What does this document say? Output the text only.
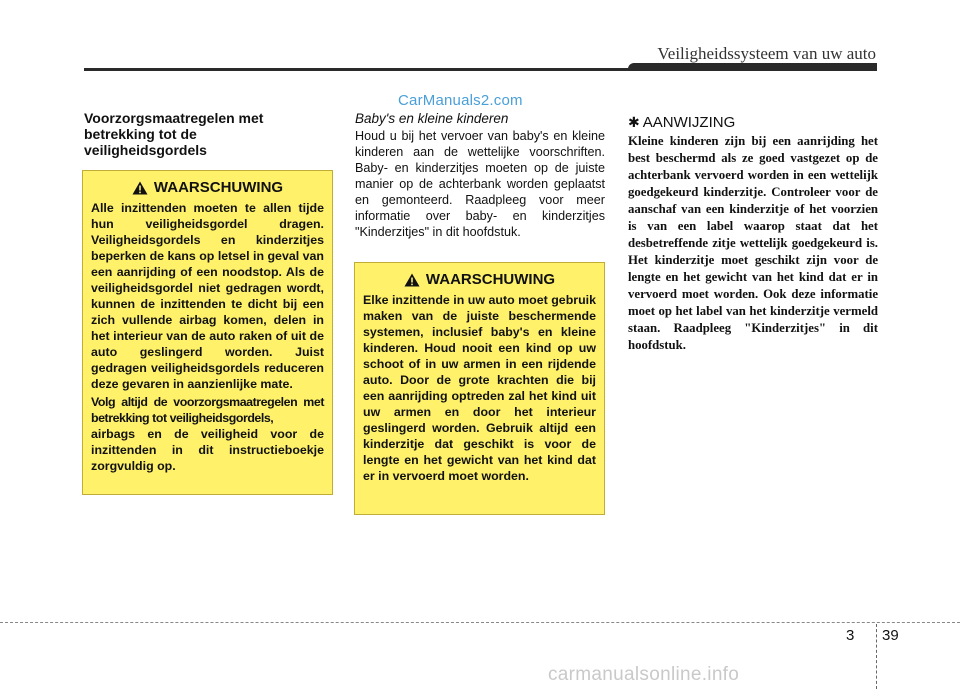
Veiligheidssysteem van uw auto
CarManuals2.com
Voorzorgsmaatregelen met
betrekking tot de
veiligheidsgordels
WAARSCHUWING
Alle inzittenden moeten te allen tijde hun veiligheidsgordel dragen. Veiligheidsgordels en kinderzitjes beperken de kans op letsel in geval van een aanrijding of een noodstop. Als de veiligheidsgordel niet gedragen wordt, kunnen de inzittenden te dicht bij een zich vullende airbag komen, delen in het interieur van de auto raken of uit de auto geslingerd worden. Juist gedragen veiligheidsgordels reduceren deze gevaren in aanzienlijke mate.
Volg altijd de voorzorgsmaatregelen met betrekking tot veiligheidsgordels,
airbags en de veiligheid voor de inzittenden in dit instructieboekje zorgvuldig op.
Baby's en kleine kinderen
Houd u bij het vervoer van baby's en kleine kinderen aan de wettelijke voorschriften. Baby- en kinderzitjes moeten op de juiste manier op de achterbank worden geplaatst en gemonteerd. Raadpleeg voor meer informatie over baby- en kinderzitjes "Kinderzitjes" in dit hoofdstuk.
WAARSCHUWING
Elke inzittende in uw auto moet gebruik maken van de juiste beschermende systemen, inclusief baby's en kleine kinderen. Houd nooit een kind op uw schoot of in uw armen in een rijdende auto. Door de grote krachten die bij een aanrijding optreden zal het kind uit uw armen en door het interieur geslingerd worden. Gebruik altijd een kinderzitje dat geschikt is voor de lengte en het gewicht van het kind dat er in vervoerd moet worden.
✱ AANWIJZING
Kleine kinderen zijn bij een aanrijding het best beschermd als ze goed vastgezet op de achterbank vervoerd worden in een wettelijk goedgekeurd kinderzitje. Controleer voor de aanschaf van een kinderzitje of het voorzien is van een label waarop staat dat het desbetreffende zitje wettelijk goedgekeurd is. Het kinderzitje moet geschikt zijn voor de lengte en het gewicht van het kind dat er in vervoerd moet worden. Ook deze informatie moet op het label van het kinderzitje vermeld staan. Raadpleeg "Kinderzitjes" in dit hoofdstuk.
3 39
carmanualsonline.info
